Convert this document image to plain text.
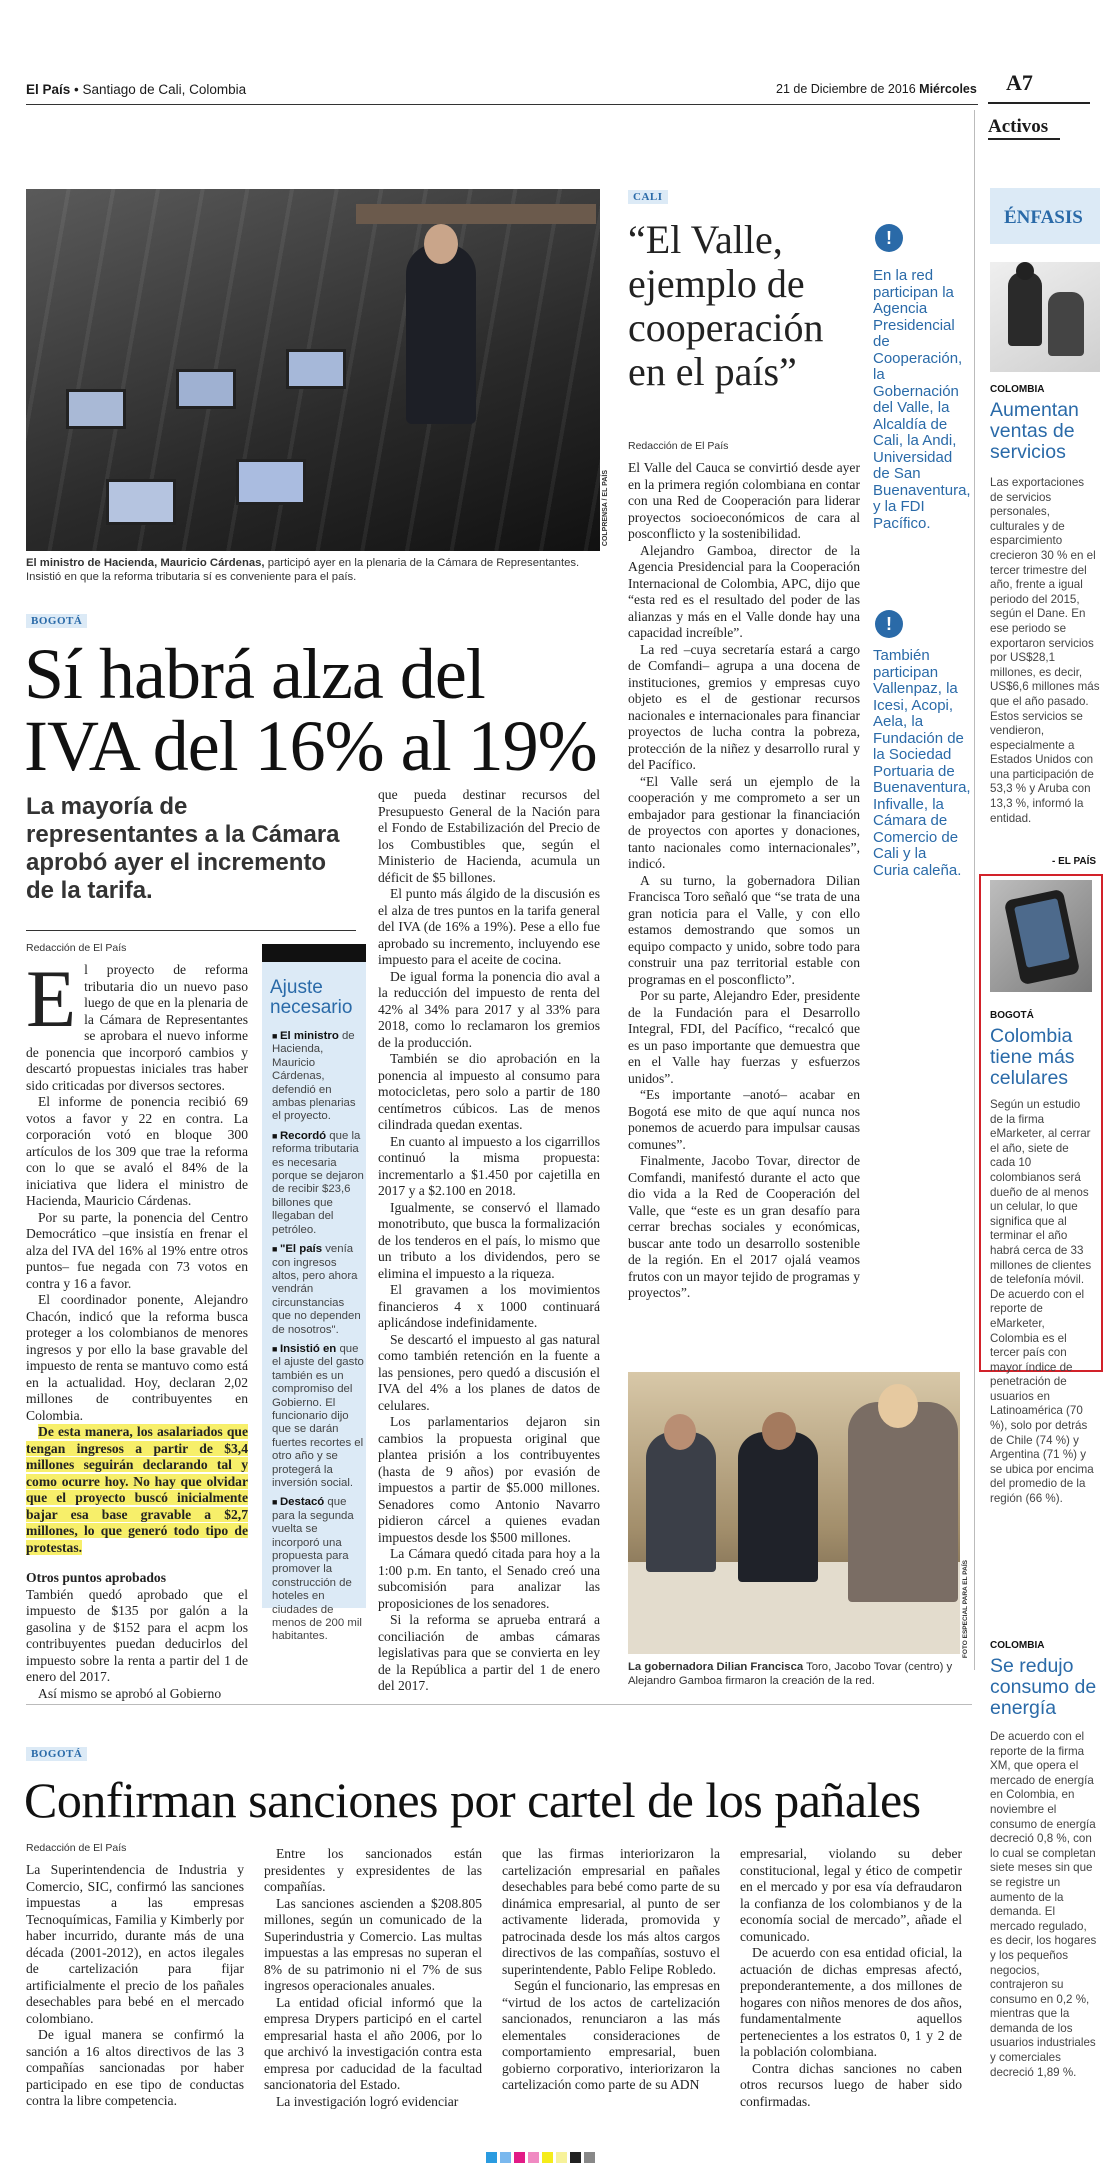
El País • Santiago de Cali, Colombia	21 de Diciembre de 2016 Miércoles A7
Activos
COLPRENSA / EL PAÍS
El ministro de Hacienda, Mauricio Cárdenas, participó ayer en la plenaria de la Cámara de Representantes. Insistió en que la reforma tributaria sí es conveniente para el país.
BOGOTÁ
Sí habrá alza del
IVA del 16% al 19%
La mayoría de representantes a la Cámara aprobó ayer el incremento de la tarifa.
Redacción de El País

El proyecto de reforma tributaria dio un nuevo paso luego de que en la plenaria de la Cámara de Representantes se aprobara el nuevo informe de ponencia que incorporó cambios y descartó propuestas iniciales tras haber sido criticadas por diversos sectores.

El informe de ponencia recibió 69 votos a favor y 22 en contra. La corporación votó en bloque 300 artículos de los 309 que trae la reforma con lo que se avaló el 84% de la iniciativa que lidera el ministro de Hacienda, Mauricio Cárdenas.

Por su parte, la ponencia del Centro Democrático –que insistía en frenar el alza del IVA del 16% al 19% entre otros puntos– fue negada con 73 votos en contra y 16 a favor.

El coordinador ponente, Alejandro Chacón, indicó que la reforma busca proteger a los colombianos de menores ingresos y por ello la base gravable del impuesto de renta se mantuvo como está en la actualidad. Hoy, declaran 2,02 millones de contribuyentes en Colombia.

De esta manera, los asalariados que tengan ingresos a partir de $3,4 millones seguirán declarando tal y como ocurre hoy. No hay que olvidar que el proyecto buscó inicialmente bajar esa base gravable a $2,7 millones, lo que generó todo tipo de protestas.

Otros puntos aprobados

También quedó aprobado que el impuesto de $135 por galón a la gasolina y de $152 para el acpm los contribuyentes puedan deducirlos del impuesto sobre la renta a partir del 1 de enero del 2017.

Así mismo se aprobó al Gobierno

Ajuste necesario

■ El ministro de Hacienda, Mauricio Cárdenas, defendió en ambas plenarias el proyecto.

■ Recordó que la reforma tributaria es necesaria porque se dejaron de recibir $23,6 billones que llegaban del petróleo.

■ "El país venía con ingresos altos, pero ahora vendrán circunstancias que no dependen de nosotros".

■ Insistió en que el ajuste del gasto también es un compromiso del Gobierno. El funcionario dijo que se darán fuertes recortes el otro año y se protegerá la inversión social.

■ Destacó que para la segunda vuelta se incorporó una propuesta para promover la construcción de hoteles en ciudades de menos de 200 mil habitantes.

que pueda destinar recursos del Presupuesto General de la Nación para el Fondo de Estabilización del Precio de los Combustibles que, según el Ministerio de Hacienda, acumula un déficit de $5 billones.

El punto más álgido de la discusión es el alza de tres puntos en la tarifa general del IVA (de 16% a 19%). Pese a ello fue aprobado su incremento, incluyendo ese impuesto para el aceite de cocina.

De igual forma la ponencia dio aval a la reducción del impuesto de renta del 42% al 34% para 2017 y al 33% para 2018, como lo reclamaron los gremios de la producción.

También se dio aprobación en la ponencia al impuesto al consumo para motocicletas, pero solo a partir de 180 centímetros cúbicos. Las de menos cilindrada quedan exentas.

En cuanto al impuesto a los cigarrillos continuó la misma propuesta: incrementarlo a $1.450 por cajetilla en 2017 y a $2.100 en 2018.

Igualmente, se conservó el llamado monotributo, que busca la formalización de los tenderos en el país, lo mismo que un tributo a los dividendos, pero se elimina el impuesto a la riqueza.

El gravamen a los movimientos financieros 4 x 1000 continuará aplicándose indefinidamente.

Se descartó el impuesto al gas natural como también retención en la fuente a las pensiones, pero quedó a discusión el IVA del 4% a los planes de datos de celulares.

Los parlamentarios dejaron sin cambios la propuesta original que plantea prisión a los contribuyentes (hasta de 9 años) por evasión de impuestos a partir de $5.000 millones. Senadores como Antonio Navarro pidieron cárcel a quienes evadan impuestos desde los $500 millones.

La Cámara quedó citada para hoy a la 1:00 p.m. En tanto, el Senado creó una subcomisión para analizar las proposiciones de los senadores.

Si la reforma se aprueba entrará a conciliación de ambas cámaras legislativas para que se convierta en ley de la República a partir del 1 de enero del 2017.

CALI
“El Valle, ejemplo de cooperación en el país”
Redacción de El País

El Valle del Cauca se convirtió desde ayer en la primera región colombiana en contar con una Red de Cooperación para liderar proyectos socioeconómicos de cara al posconflicto y la sostenibilidad.

Alejandro Gamboa, director de la Agencia Presidencial para la Cooperación Internacional de Colombia, APC, dijo que “esta red es el resultado del poder de las alianzas y más en el Valle donde hay una capacidad increíble”.

La red –cuya secretaría estará a cargo de Comfandi– agrupa a una docena de instituciones, gremios y empresas cuyo objeto es el de gestionar recursos nacionales e internacionales para financiar proyectos de lucha contra la pobreza, protección de la niñez y desarrollo rural y del Pacífico.

“El Valle será un ejemplo de la cooperación y me comprometo a ser un embajador para gestionar la financiación de proyectos con aportes y donaciones, tanto nacionales como internacionales”, indicó.

A su turno, la gobernadora Dilian Francisca Toro señaló que “se trata de una gran noticia para el Valle, y con ello estamos demostrando que somos un equipo compacto y unido, sobre todo para construir una paz territorial estable con programas en el posconflicto”.

Por su parte, Alejandro Eder, presidente de la Fundación para el Desarrollo Integral, FDI, del Pacífico, “recalcó que es un paso importante que demuestra que en el Valle hay fuerzas y esfuerzos unidos”.

“Es importante –anotó– acabar en Bogotá ese mito de que aquí nunca nos ponemos de acuerdo para impulsar causas comunes”.

Finalmente, Jacobo Tovar, director de Comfandi, manifestó durante el acto que dio vida a la Red de Cooperación del Valle, que “este es un gran desafío para cerrar brechas sociales y económicas, buscar ante todo un desarrollo sostenible de la región. En el 2017 ojalá veamos frutos con un mayor tejido de programas y proyectos”.

!
En la red participan la Agencia Presidencial de Cooperación, la Gobernación del Valle, la Alcaldía de Cali, la Andi, Universidad de San Buenaventura, y la FDI Pacífico.
!
También participan Vallenpaz, la Icesi, Acopi, Aela, la Fundación de la Sociedad Portuaria de Buenaventura, Infivalle, la Cámara de Comercio de Cali y la Curia caleña.
FOTO ESPECIAL PARA EL PAÍS
La gobernadora Dilian Francisca Toro, Jacobo Tovar (centro) y Alejandro Gamboa firmaron la creación de la red.
ÉNFASIS
COLOMBIA
Aumentan ventas de servicios

Las exportaciones de servicios personales, culturales y de esparcimiento crecieron 30 % en el tercer trimestre del año, frente a igual periodo del 2015, según el Dane. En ese periodo se exportaron servicios por US$28,1 millones, es decir, US$6,6 millones más que el año pasado.

Estos servicios se vendieron, especialmente a Estados Unidos con una participación de 53,3 % y Aruba con 13,3 %, informó la entidad.

- EL PAÍS
BOGOTÁ
Colombia tiene más celulares

Según un estudio de la firma eMarketer, al cerrar el año, siete de cada 10 colombianos será dueño de al menos un celular, lo que significa que al terminar el año habrá cerca de 33 millones de clientes de telefonía móvil.

De acuerdo con el reporte de eMarketer, Colombia es el tercer país con mayor índice de penetración de usuarios en Latinoamérica (70 %), solo por detrás de Chile (74 %) y Argentina (71 %) y se ubica por encima del promedio de la región (66 %).

COLOMBIA
Se redujo consumo de energía
De acuerdo con el reporte de la firma XM, que opera el mercado de energía en Colombia, en noviembre el consumo de energía decreció 0,8 %, con lo cual se completan siete meses sin que se registre un aumento de la demanda. El mercado regulado, es decir, los hogares y los pequeños negocios, contrajeron su consumo en 0,2 %, mientras que la demanda de los usuarios industriales y comerciales decreció 1,89 %.
BOGOTÁ
Confirman sanciones por cartel de los pañales
Redacción de El País

La Superintendencia de Industria y Comercio, SIC, confirmó las sanciones impuestas a las empresas Tecnoquímicas, Familia y Kimberly por haber incurrido, durante más de una década (2001-2012), en actos ilegales de cartelización para fijar artificialmente el precio de los pañales desechables para bebé en el mercado colombiano.

De igual manera se confirmó la sanción a 16 altos directivos de las 3 compañías sancionadas por haber participado en ese tipo de conductas contra la libre competencia.

Entre los sancionados están presidentes y expresidentes de las compañías.

Las sanciones ascienden a $208.805 millones, según un comunicado de la Superindustria y Comercio. Las multas impuestas a las empresas no superan el 8% de su patrimonio ni el 7% de sus ingresos operacionales anuales.

La entidad oficial informó que la empresa Drypers participó en el cartel empresarial hasta el año 2006, por lo que archivó la investigación contra esta empresa por caducidad de la facultad sancionatoria del Estado.

La investigación logró evidenciar

que las firmas interiorizaron la cartelización empresarial en pañales desechables para bebé como parte de su dinámica empresarial, al punto de ser activamente liderada, promovida y patrocinada desde los más altos cargos directivos de las compañías, sostuvo el superintendente, Pablo Felipe Robledo.

Según el funcionario, las empresas en “virtud de los actos de cartelización sancionados, renunciaron a las más elementales consideraciones de comportamiento empresarial, buen gobierno corporativo, interiorizaron la cartelización como parte de su ADN

empresarial, violando su deber constitucional, legal y ético de competir en el mercado y por esa vía defraudaron la confianza de los colombianos y de la economía social de mercado”, añade el comunicado.

De acuerdo con esa entidad oficial, la actuación de dichas empresas afectó, preponderantemente, a dos millones de hogares con niños menores de dos años, fundamentalmente aquellos pertenecientes a los estratos 0, 1 y 2 de la población colombiana.

Contra dichas sanciones no caben otros recursos luego de haber sido confirmadas.
